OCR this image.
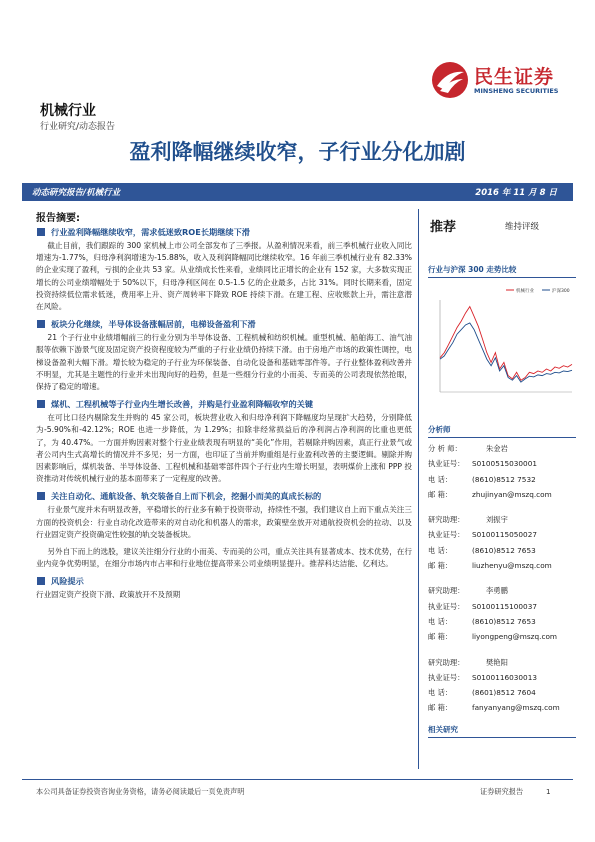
民生证券
MINSHENG SECURITIES
机械行业
行业研究/动态报告
盈利降幅继续收窄，子行业分化加剧
动态研究报告/机械行业	2016 年 11 月 8 日
报告摘要:
行业盈利降幅继续收窄，需求低迷致ROE长期继续下滑

截止目前，我们跟踪的 300 家机械上市公司全部发布了三季报。从盈利情况来看，前三季机械行业收入同比增速为-1.77%，归母净利润增速为-15.88%，收入及利润降幅同比继续收窄。16 年前三季机械行业有 82.33%的企业实现了盈利，亏损的企业共 53 家。从业绩成长性来看，业绩同比正增长的企业有 152 家，大多数实现正增长的公司业绩增幅处于 50%以下，归母净利区间在 0.5-1.5 亿的企业最多，占比 31%。同时长期来看，固定投资持续低位需求低迷，费用率上升、资产周转率下降致 ROE 持续下滑。在建工程、应收账款上升，需注意潜在风险。

板块分化继续，半导体设备涨幅居前，电梯设备盈利下滑

21 个子行业中业绩增幅前三的行业分别为半导体设备、工程机械和纺织机械。重型机械、船舶海工、油气油服等依赖下游景气度及固定资产投资程度较为严重的子行业业绩仍持续下滑。由于房地产市场的政策性调控，电梯设备盈利大幅下滑。增长较为稳定的子行业为环保装备、自动化设备和基础零部件等。子行业整体盈利改善并不明显，尤其是主题性的行业并未出现向好的趋势，但是一些细分行业的小而美、专而美的公司表现依然抢眼，保持了稳定的增速。

煤机、工程机械等子行业内生增长改善，并购是行业盈利降幅收窄的关键

在可比口径内剔除发生并购的 45 家公司，板块营业收入和归母净利润下降幅度均呈现扩大趋势，分别降低为-5.90%和-42.12%；ROE 也进一步降低，为 1.29%；扣除非经常损益后的净利润占净利润的比重也更低了，为 40.47%。一方面并购因素对整个行业业绩表现有明显的“美化”作用，若剔除并购因素，真正行业景气或者公司内生式高增长的情况并不多见；另一方面，也印证了当前并购重组是行业盈利改善的主要逻辑。剔除并购因素影响后，煤机装备、半导体设备、工程机械和基础零部件四个子行业内生增长明显，表明煤价上涨和 PPP 投资推动对传统机械行业的基本面带来了一定程度的改善。

关注自动化、通航设备、轨交装备自上而下机会，挖掘小而美的真成长标的

行业景气度并未有明显改善，平稳增长的行业多有赖于投资带动，持续性不强，我们建议自上而下重点关注三方面的投资机会：行业自动化改造带来的对自动化和机器人的需求，政策壁垒放开对通航投资机会的拉动、以及行业固定资产投资确定性较强的轨交装备板块。

另外自下而上的选股，建议关注细分行业的小而美、专而美的公司，重点关注具有显著成本、技术优势，在行业内竞争优势明显，在细分市场内市占率和行业地位提高带来公司业绩明显提升。推荐科达洁能、亿利达。

风险提示

行业固定资产投资下滑、政策放开不及预期

推荐	维持评级
行业与沪深 300 走势比较
机械行业	沪深300
分析师
分 析 师：	朱金岩
执业证号：	S0100515030001
电 话：	(8610)8512 7532
邮 箱：	zhujinyan@mszq.com
研究助理：	刘振宇
执业证号：	S0100115050027
电 话：	(8610)8512 7653
邮 箱：	liuzhenyu@mszq.com
研究助理：	李勇鹏
执业证号：	S0100115100037
电 话：	(8610)8512 7653
邮 箱：	liyongpeng@mszq.com
研究助理：	樊艳阳
执业证号：	S0100116030013
电 话：	(8601)8512 7604
邮 箱：	fanyanyang@mszq.com
相关研究
本公司具备证券投资咨询业务资格，请务必阅读最后一页免责声明	证券研究报告	1
